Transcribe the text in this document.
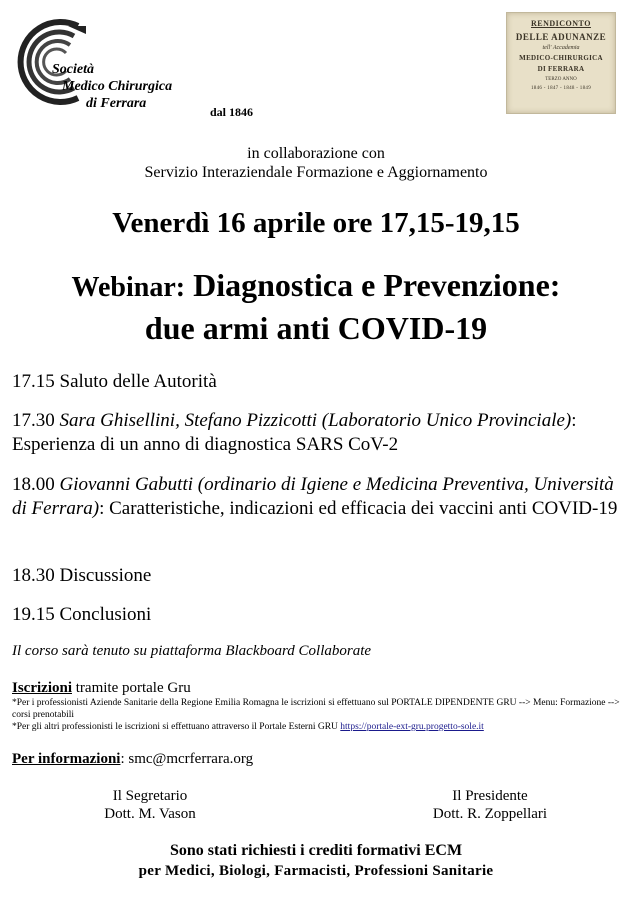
Società
Medico Chirurgica
di Ferrara
dal 1846
RENDICONTO
DELLE ADUNANZE
tell' Accademia
MEDICO-CHIRURGICA
DI FERRARA
TERZO ANNO
1846 - 1847 - 1848 - 1849
in collaborazione con
Servizio Interaziendale Formazione e Aggiornamento
Venerdì 16 aprile ore 17,15-19,15
Webinar: Diagnostica e Prevenzione:
due armi anti COVID-19
17.15 Saluto delle Autorità
17.30 Sara Ghisellini, Stefano Pizzicotti (Laboratorio Unico Provinciale): Esperienza di un anno di diagnostica SARS CoV-2
18.00 Giovanni Gabutti (ordinario di Igiene e Medicina Preventiva, Università di Ferrara): Caratteristiche, indicazioni ed efficacia dei vaccini anti COVID-19
18.30 Discussione
19.15 Conclusioni
Il corso sarà tenuto su piattaforma Blackboard Collaborate
Iscrizioni tramite portale Gru
*Per i professionisti Aziende Sanitarie della Regione Emilia Romagna le iscrizioni si effettuano sul PORTALE DIPENDENTE GRU --> Menu: Formazione --> corsi prenotabili
*Per gli altri professionisti le iscrizioni si effettuano attraverso il Portale Esterni GRU https://portale-ext-gru.progetto-sole.it
Per informazioni: smc@mcrferrara.org
Il Segretario
Dott. M. Vason
Il Presidente
Dott. R. Zoppellari
Sono stati richiesti i crediti formativi ECM
per Medici, Biologi, Farmacisti, Professioni Sanitarie
